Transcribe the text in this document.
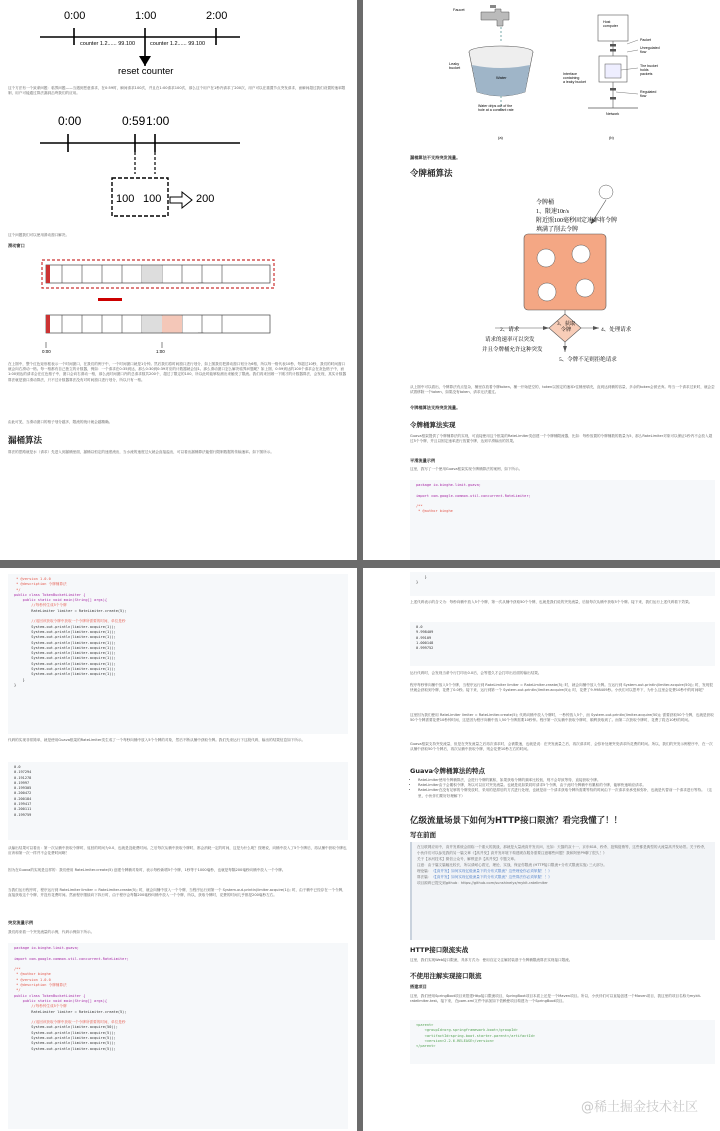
0:00	1:00	2:00
counter 1.2...... 99.100	counter 1.2...... 99.100
reset counter
这个方法有一个致命问题：临界问题——当遇到恶意请求，在0:59时，瞬间请求100次，并且在1:00请求100次，那么这个用户在1秒内请求了200次，用户可以在重置节点突发请求，而瞬间超过我们设置的速率限制，用户可能通过算法漏洞击垮我们的应用。
0:00	0:59 1:00
100 100	200
这个问题我们可以使用滑动窗口解决。
滑动窗口
.....
.....
0:00	1:00
在上图中，整个红色矩形框表示一个时间窗口，在我们的例子中，一个时间窗口就是1分钟。然后我们将时间窗口进行划分，如上图我们把滑动窗口划分为6格，所以每一格代表10秒，每超过10秒，我们的时间窗口就会向右滑动一格。每一格都有自己独立的计数器，例如：一个请求在0:35到达，那么0:30到0:39对应的计数器就会加1。那么滑动窗口怎么解决临界问题呢？如上图，0:59到达的100个请求会在灰色格子中，而1:00到达的请求会在红色格子中，窗口会向右滑动一格，那么此时间窗口内的总请求数共200个，超过了限定的100，所以此时能够检测出来触发了限流。我们再来回顾一下刚才的计数器算法，会发现，其实计数器算法就是窗口滑动算法，只不过计数器算法没有对时间窗口进行划分，所以只有一格。
由此可见，当滑动窗口的格子划分越多，限流的统计就会越精确。
漏桶算法
算法的思路就是水（请求）先进入到漏桶里面，漏桶以恒定的速度流出，当水流的速度过大就会直接溢出，可以看出漏桶算法能强行限制数据的传输速率。如下图所示。
Faucet
Leaky
bucket
Water
Water drips out of the
hole at a constant rate
(a)
Host
computer
Packet
Unregulated
flow
Interface
containing
a leaky bucket
The bucket
holds
packets
Regulated
flow
Network
(b)
漏桶算法不支持突发流量。
令牌桶算法
令牌桶
1、限速10r/s
附近照100毫秒固定速率将令牌
填满了削去令牌
2、请求
请求的速率可以突发
并且令牌桶允许这种突发
3、获取
令牌	4、处理请求
5、令牌不足则拒绝请求
从上图中可以看出，令牌算法有点复杂，桶里存放着令牌token。桶一开始是空的，token以固定的速率r往桶里填充，直到达到桶的容量，多余的token会被丢弃。每当一个请求过来时，就会尝试着移除一个token，如果没有token，请求无法通过。
令牌桶算法支持突发流量。
令牌桶算法实现
Guava框架提供了令牌桶算法的实现，可直接使用这个框架的RateLimiter类创建一个令牌桶限流器，比如：每秒放置的令牌桶数的数量为5，那么RateLimiter对象可以保证1秒内不会放入超过5个令牌，并且以固定速率进行放置令牌，达到平滑输出的效果。
平滑流量示例
这里，我写了一个使用Guava框架实现令牌桶算法的案例，如下所示。
package io.binghe.limit.guava;

import com.google.common.util.concurrent.RateLimiter;

/**
* @author binghe
* @version 1.0.0
* @description 令牌桶算法
*/
public class TokenBucketLimiter {
public static void main(String[] args){
//每秒钟生成5个令牌
RateLimiter limiter = RateLimiter.create(5);

//返回该获取令牌中获取一个令牌所需要的时间，单位是秒
System.out.println(limiter.acquire(1));
System.out.println(limiter.acquire(1));
System.out.println(limiter.acquire(1));
System.out.println(limiter.acquire(1));
System.out.println(limiter.acquire(1));
System.out.println(limiter.acquire(1));
System.out.println(limiter.acquire(1));
System.out.println(limiter.acquire(1));
System.out.println(limiter.acquire(1));
System.out.println(limiter.acquire(1));
}
}
代码的实现非常简单，就是使用Guava框架的RateLimiter类生成了一个每秒向桶中放入5个令牌的对象，然后不断从桶中获取令牌。我们先来运行下这段代码，输出的结果信息如下所示。
0.0
0.197294
0.191278
0.19997
0.199305
0.200472
0.200184
0.199417
0.200111
0.199759
从输出结果可以看出：第一次从桶中获取令牌时，返回的时间为0.0，也就是没耗费时间。之后每次从桶中获取令牌时，都会消耗一定的时间，这是为什么呢？按理说，向桶中放入了5个令牌后，再从桶中获取令牌也应该和第一次一样并不会花费时间啊！
因为在Guava的实现是这样的：我们使用 RateLimiter.create(5) 创建令牌桶对象时，表示每秒新增5个令牌，1秒等于1000毫秒，也就是每隔200毫秒向桶中放入一个令牌。
当我们运行程序时，程序运行到 RateLimiter limiter = RateLimiter.create(5); 时，就会向桶中放入一个令牌，当程序运行到第一个 System.out.println(limiter.acquire(1)); 时，由于桶中已经存在一个令牌，直接获取这个令牌，并没有花费时间。然而程序继续向下执行时，由于程序会每隔200毫秒向桶中放入一个令牌，所以，获取令牌时，花费的时间几乎都是200毫秒左右。
突发流量示例
我们再来看一个突发流量的示例，代码示例如下所示。
package io.binghe.limit.guava;

import com.google.common.util.concurrent.RateLimiter;

/**
* @author binghe
* @version 1.0.0
* @description 令牌桶算法
*/
public class TokenBucketLimiter {
public static void main(String[] args){
//每秒钟生成5个令牌
RateLimiter limiter = RateLimiter.create(5);

//返回该获取令牌中获取一个令牌所需要的时间，单位是秒
System.out.println(limiter.acquire(50));
System.out.println(limiter.acquire(5));
System.out.println(limiter.acquire(5));
System.out.println(limiter.acquire(5));
System.out.println(limiter.acquire(5));
}
}
上述代码表示的含义为：每秒向桶中放入5个令牌，第一次从桶中获取50个令牌，也就是我们说的突发流量，后续每次从桶中获取5个令牌。接下来，我们运行上述代码看下效果。
0.0
9.998409
0.99109
1.000148
0.999752
运行代码时，会发现当命令行打印出0.0后，会等很久才会打印出后面的输出结果。
程序每秒钟向桶中放入5个令牌，当程序运行到 RateLimiter limiter = RateLimiter.create(5); 时，就会向桶中放入令牌。当运行到 System.out.println(limiter.acquire(50)); 时，发现很快就会获取到令牌，花费了0.0秒。接下来，运行到第一个 System.out.println(limiter.acquire(5)); 时，花费了9.998409秒。小伙们可以思考下，为什么这里会花费10秒中的时间呢？
这里因为我们使用 RateLimiter limiter = RateLimiter.create(5); 代码向桶中放入令牌时，一秒钟放入5个，而 System.out.println(limiter.acquire(50)); 需要获取50个令牌，也就是获取50个令牌需要花费10秒钟时间，这是因为程序向桶中放入50个令牌需要10秒钟。程序第一次从桶中获取令牌时，顺利获取到了。而第二次获取令牌时，花费了将近10秒的时间。
Guava框架支持突发流量，但是在突发流量之后再次请求时，会被限速，也就是说：在突发流量之后，再次请求时，会弥补处理突发请求所花费的时间。所以，我们的突发示例程序中，在一次从桶中获取50个令牌后，再次从桶中获取令牌，则会花费10秒左右的时间。
Guava令牌桶算法的特点
• RateLimiter使用令牌桶算法，会进行令牌的累积，如果获取令牌的频率比较低，则不会导致等待，直接获取令牌。
• RateLimiter由于会累积令牌，所以可以应对突发流量。也就是说如果同时请求5个令牌，由于此时令牌桶中有累积的令牌，能够快速响应请求。
• RateLimiter在没有足够的令牌发放时，采用的是滞后的方式进行处理，也就是前一个请求获取令牌所需要等待的时间由下一次请求来承受和弥补，也就是代替前一个请求进行等待。（这里，小伙伴们要好好理解下）
亿级流量场景下如何为HTTP接口限流？看完我懂了！！
写在前面
在互联网应用中，高并发系统会面临一个重大的挑战，那就是大量流高并发访问，比如：天猫的双十一、京东618、秒杀、抢购促销等，这些都是典型的大流量高并发场景。关于秒杀，小伙伴们可以参见我的另一篇文章《【高并发】高并发环境下构建缓存服务需要注意哪些问题？我和阿里P9聊了很久！》
关于【冰河技术】微信公众号，解锁更多【高并发】专题文章。
注意：由于篇文篇幅比较长，所以请耐心看完，理论、实战，保证你限流 (HTTP接口限流+分布式限流实战) 三大部分。
理论篇：《【高并发】如何实现亿级流量下的分布式限流？这些理论你必须掌握！！》
算法篇：《【高并发】如何实现亿级流量下的分布式限流？这些算法你必须掌握！！》
项目源码已提交到github：https://github.com/sunshinelyz/mykit-ratelimiter
HTTP接口限流实战
这里，我们实现Web接口限流，具体方式为：使用自定义注解封装基于令牌桶限流算法实现接口限流。
不使用注解实现接口限流
搭建项目
这里，我们使用SpringBoot项目来搭建Http接口限流项目，SpringBoot项目本质上还是一个Maven项目。所以，小伙伴们可以直接创建一个Maven项目，我这里的项目名称为mykit-ratelimiter-test。接下来，在pom.xml文件中添加如下依赖使项目构建为一个SpringBoot项目。
<parent>
<groupId>org.springframework.boot</groupId>
<artifactId>spring-boot-starter-parent</artifactId>
<version>2.2.6.RELEASE</version>
</parent>
@稀土掘金技术社区
